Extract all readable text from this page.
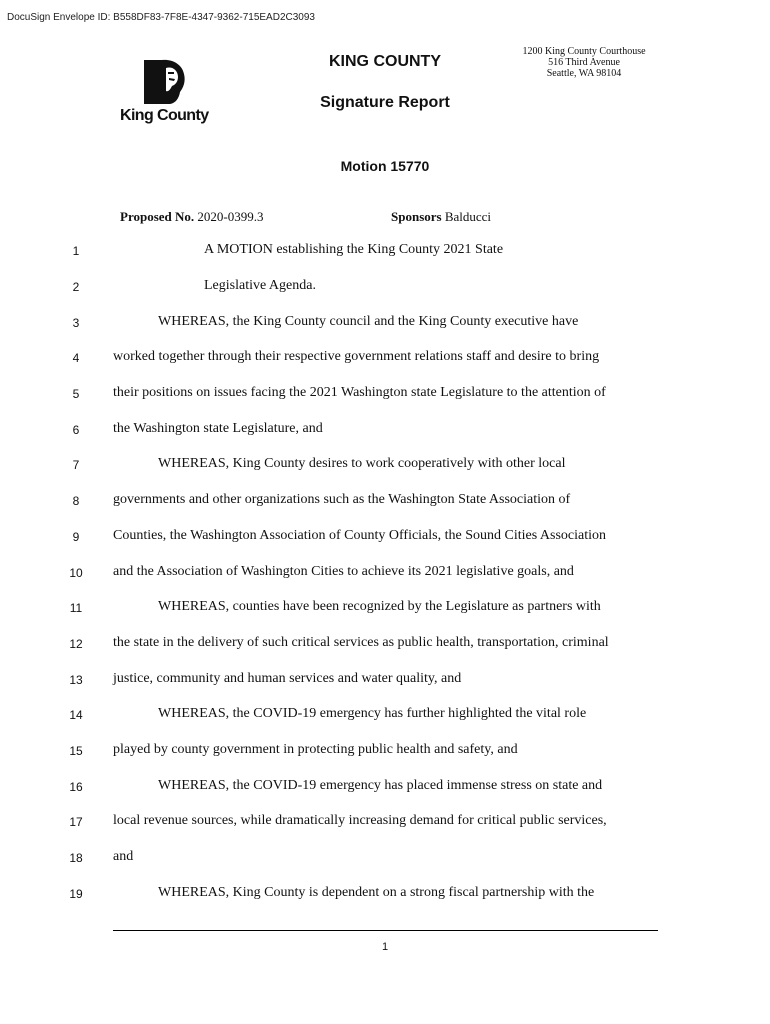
DocuSign Envelope ID: B558DF83-7F8E-4347-9362-715EAD2C3093
King County
KING COUNTY
1200 King County Courthouse
516 Third Avenue
Seattle, WA 98104
Signature Report
Motion 15770
Proposed No. 2020-0399.3	Sponsors Balducci
1	A MOTION establishing the King County 2021 State
2	Legislative Agenda.
3	WHEREAS, the King County council and the King County executive have
4	worked together through their respective government relations staff and desire to bring
5	their positions on issues facing the 2021 Washington state Legislature to the attention of
6	the Washington state Legislature, and
7	WHEREAS, King County desires to work cooperatively with other local
8	governments and other organizations such as the Washington State Association of
9	Counties, the Washington Association of County Officials, the Sound Cities Association
10	and the Association of Washington Cities to achieve its 2021 legislative goals, and
11	WHEREAS, counties have been recognized by the Legislature as partners with
12	the state in the delivery of such critical services as public health, transportation, criminal
13	justice, community and human services and water quality, and
14	WHEREAS, the COVID-19 emergency has further highlighted the vital role
15	played by county government in protecting public health and safety, and
16	WHEREAS, the COVID-19 emergency has placed immense stress on state and
17	local revenue sources, while dramatically increasing demand for critical public services,
18	and
19	WHEREAS, King County is dependent on a strong fiscal partnership with the
1
